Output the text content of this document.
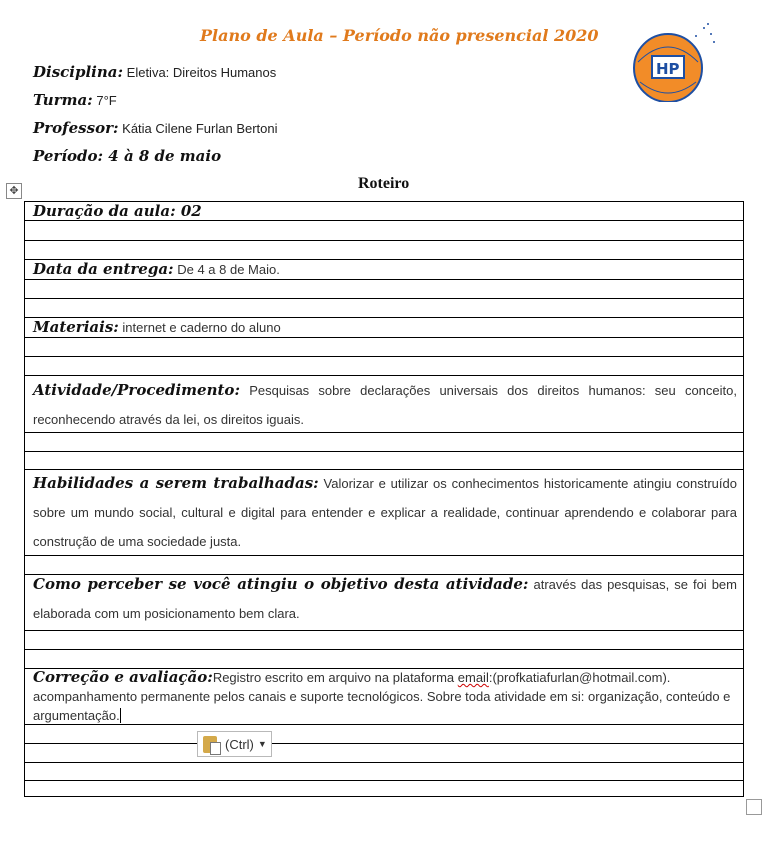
Plano de Aula – Período não presencial 2020
HP
Disciplina: Eletiva: Direitos Humanos
Turma: 7°F
Professor: Kátia Cilene Furlan Bertoni
Período: 4 à 8 de maio
Roteiro
✥
Duração da aula: 02
Data da entrega: De 4 a 8 de Maio.
Materiais: internet e caderno do aluno
Atividade/Procedimento: Pesquisas sobre declarações universais dos direitos humanos: seu conceito, reconhecendo através da lei, os direitos iguais.
Habilidades a serem trabalhadas: Valorizar e utilizar os conhecimentos historicamente atingiu construído sobre um mundo social, cultural e digital para entender e explicar a realidade, continuar aprendendo e colaborar para construção de uma sociedade justa.
Como perceber se você atingiu o objetivo desta atividade: através das pesquisas, se foi bem elaborada com um posicionamento bem clara.
Correção e avaliação:Registro escrito em arquivo na plataforma email:(profkatiafurlan@hotmail.com). acompanhamento permanente pelos canais e suporte tecnológicos. Sobre toda atividade em si: organização, conteúdo e argumentação.
(Ctrl) ▼
